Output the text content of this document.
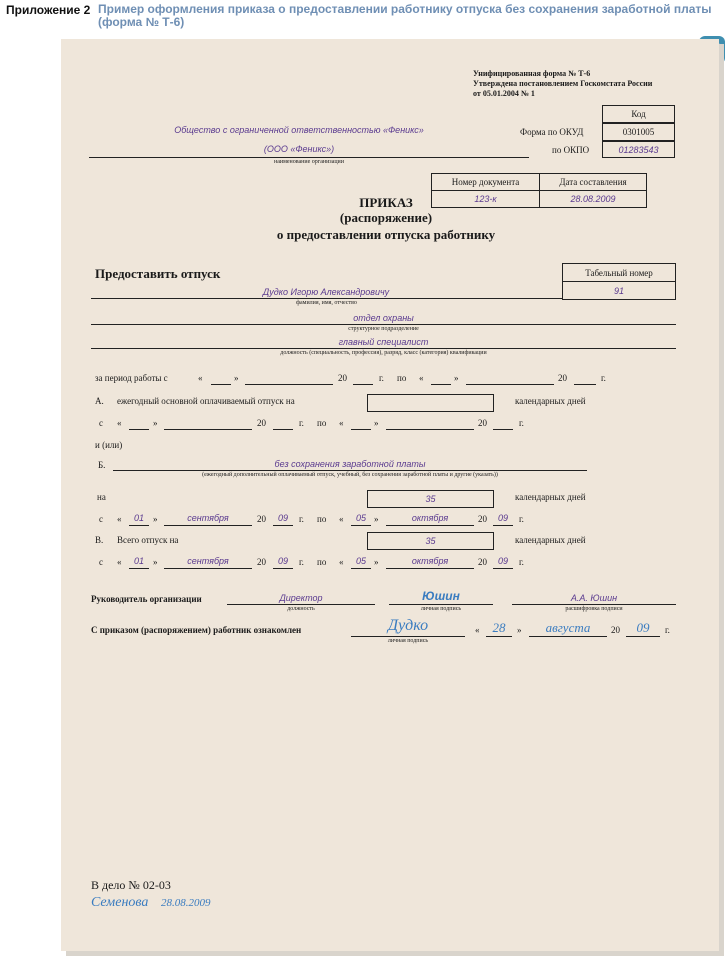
Приложение 2 Пример оформления приказа о предоставлении работнику отпуска без сохранения заработной платы (форма № Т-6)
Унифицированная форма № Т-6
Утверждена постановлением Госкомстата России
от 05.01.2004 № 1
Код
Форма по ОКУД	0301005
по ОКПО	01283543
Общество с ограниченной ответственностью «Феникс»
(ООО «Феникс»)
наименование организации
Номер документа	Дата составления
123-к	28.08.2009
ПРИКАЗ
(распоряжение)
о предоставлении отпуска работнику
Предоставить отпуск	Табельный номер
91
Дудко Игорю Александровичу
фамилия, имя, отчество
отдел охраны
структурное подразделение
главный специалист
должность (специальность, профессия), разряд, класс (категория) квалификации
за период работы с	«	»	20	г. по «	»	20	г.
А. ежегодный основной оплачиваемый отпуск на	календарных дней
с «	»	20	г. по «	»	20	г.
и (или)
Б.	без сохранения заработной платы
(ежегодный дополнительный оплачиваемый отпуск, учебный, без сохранения заработной платы и другие (указать))
на	35	календарных дней
с «	01	»	сентября	20	09	г. по «	05 »	октября	20	09	г.
В. Всего отпуск на	35	календарных дней
с «	01	»	сентября	20	09	г. по «	05 »	октября	20	09	г.
Руководитель организации	Директор
должность
Юшин
личная подпись
А.А. Юшин
расшифровка подписи
С приказом (распоряжением) работник ознакомлен	Дудко
личная подпись
«	28	»	августа	20	09	г.
В дело № 02-03
Семенова 28.08.2009
